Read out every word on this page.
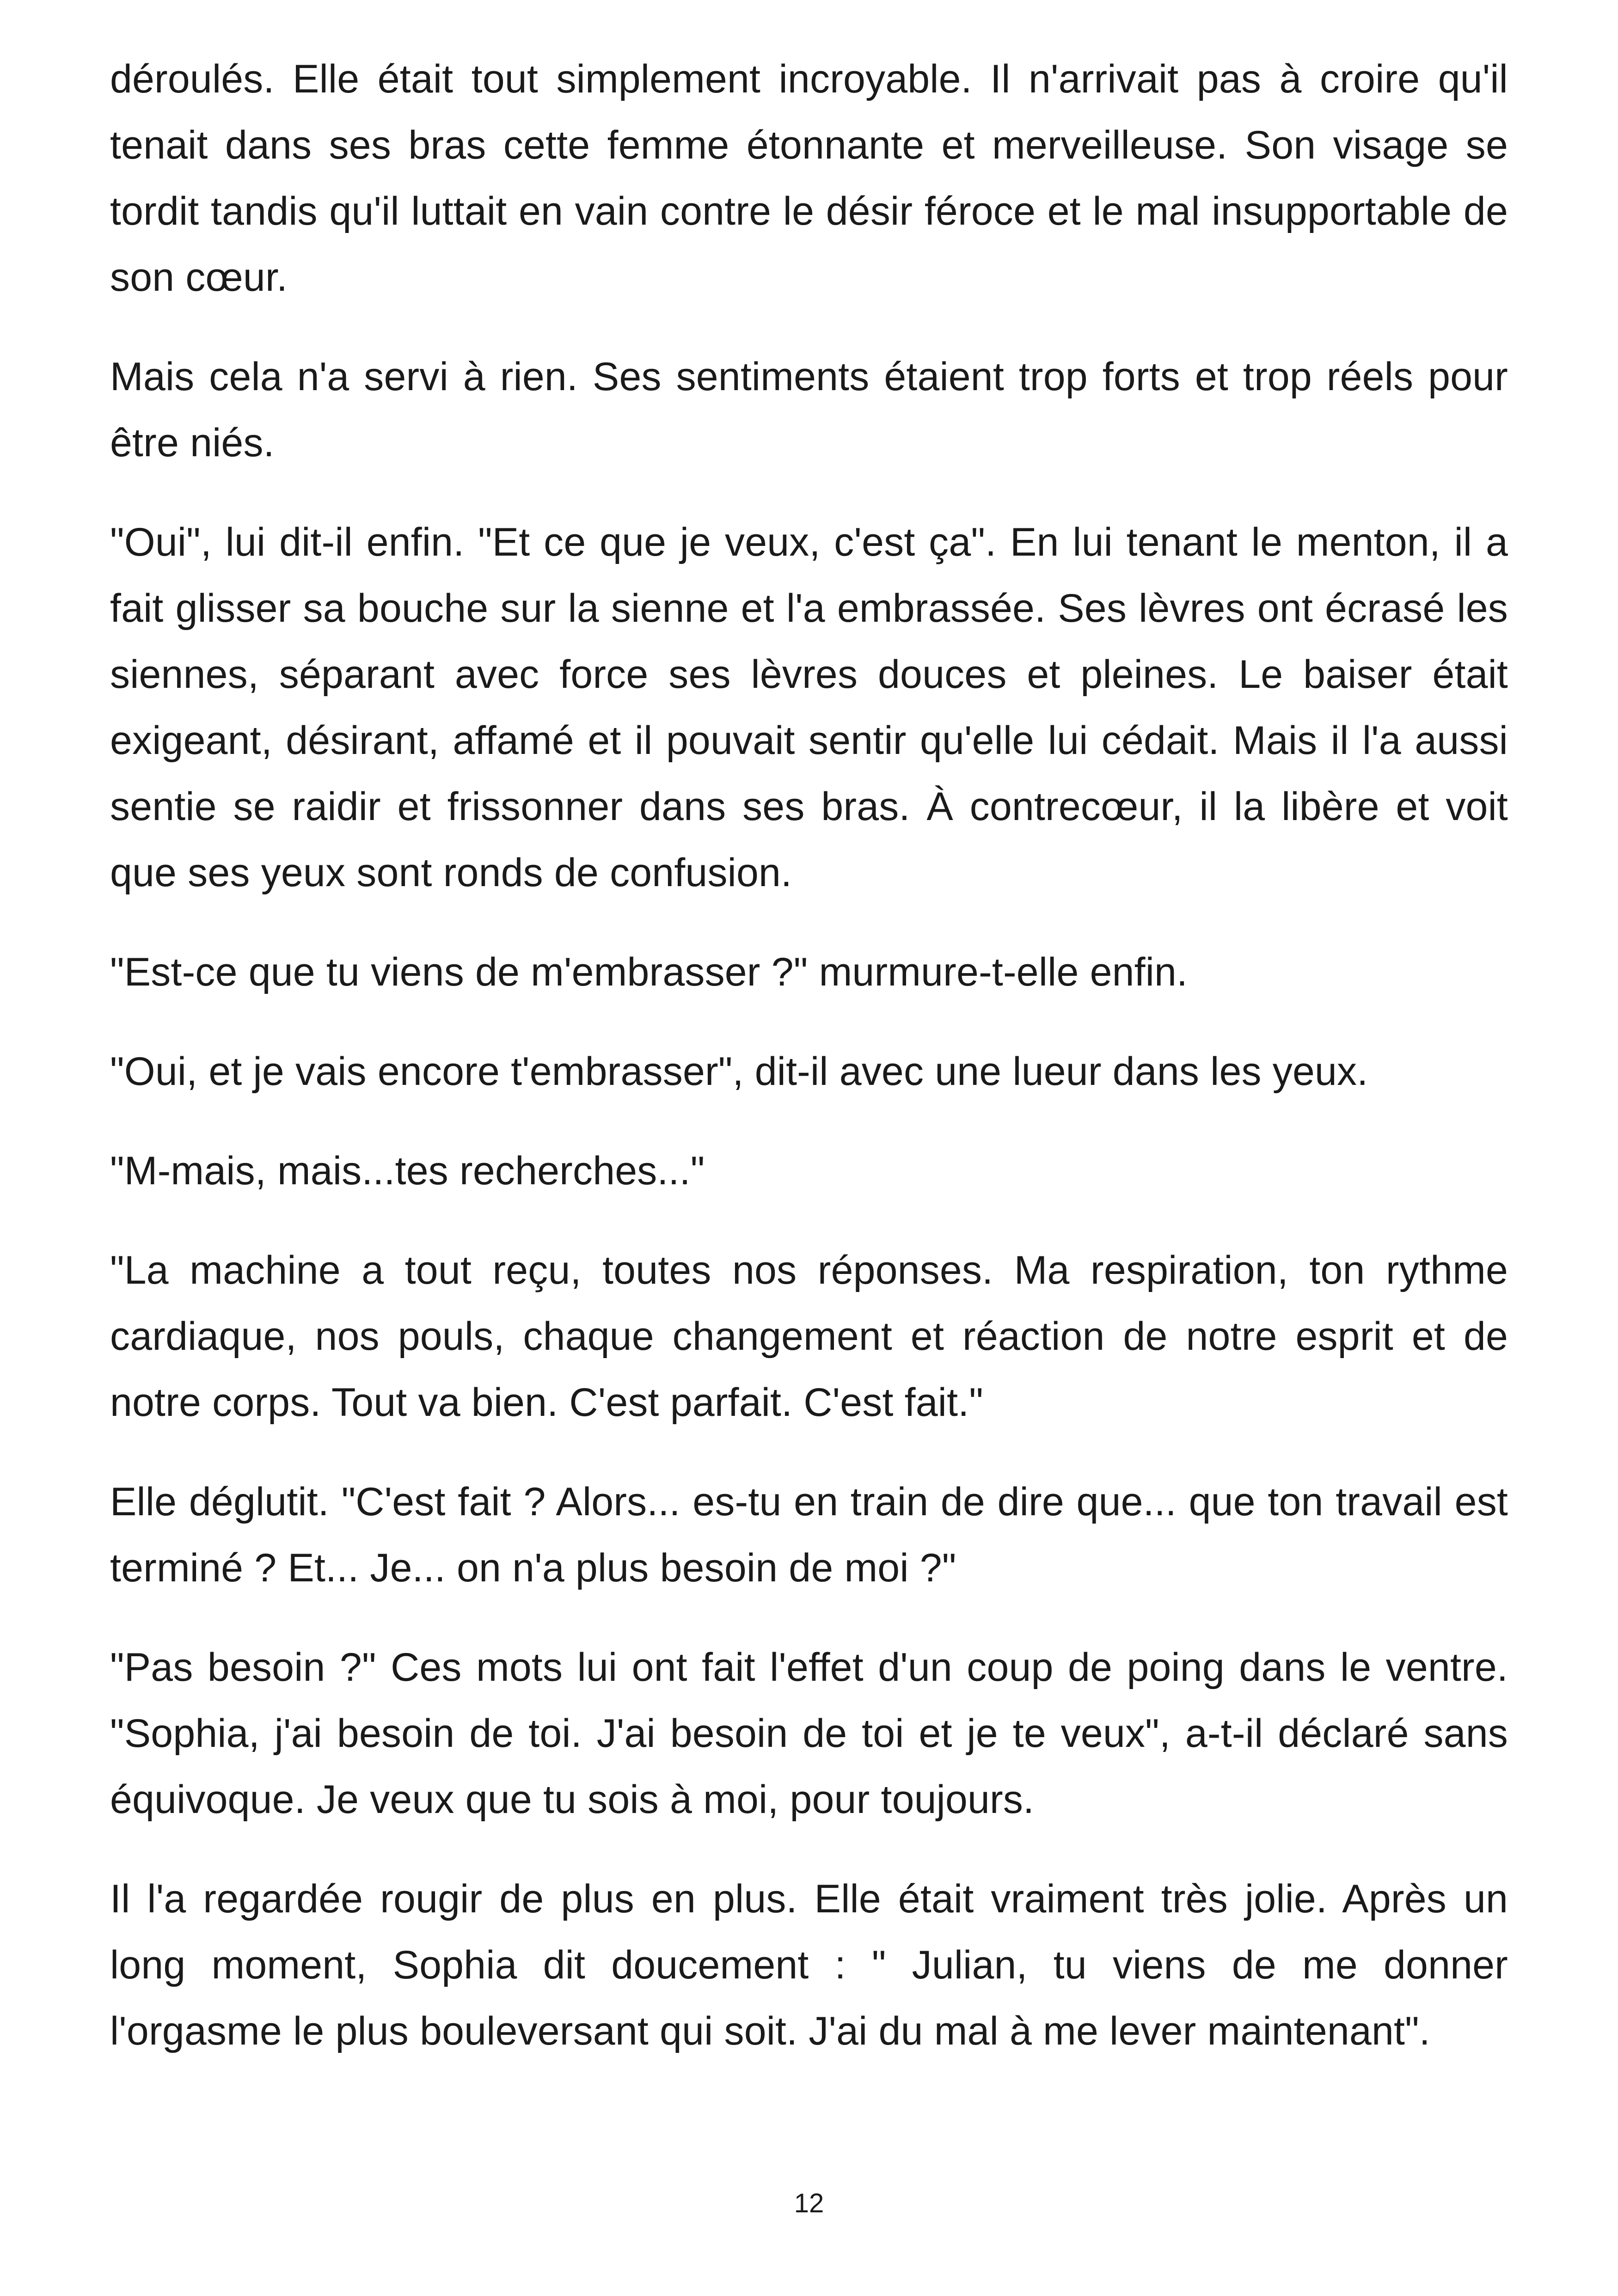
déroulés. Elle était tout simplement incroyable. Il n'arrivait pas à croire qu'il tenait dans ses bras cette femme étonnante et merveilleuse. Son visage se tordit tandis qu'il luttait en vain contre le désir féroce et le mal insupportable de son cœur.

Mais cela n'a servi à rien. Ses sentiments étaient trop forts et trop réels pour être niés.

"Oui", lui dit-il enfin. "Et ce que je veux, c'est ça". En lui tenant le menton, il a fait glisser sa bouche sur la sienne et l'a embrassée. Ses lèvres ont écrasé les siennes, séparant avec force ses lèvres douces et pleines. Le baiser était exigeant, désirant, affamé et il pouvait sentir qu'elle lui cédait. Mais il l'a aussi sentie se raidir et frissonner dans ses bras. À contrecœur, il la libère et voit que ses yeux sont ronds de confusion.

"Est-ce que tu viens de m'embrasser ?" murmure-t-elle enfin.

"Oui, et je vais encore t'embrasser", dit-il avec une lueur dans les yeux.

"M-mais, mais...tes recherches..."

"La machine a tout reçu, toutes nos réponses. Ma respiration, ton rythme cardiaque, nos pouls, chaque changement et réaction de notre esprit et de notre corps. Tout va bien. C'est parfait. C'est fait."

Elle déglutit. "C'est fait ? Alors... es-tu en train de dire que... que ton travail est terminé ? Et... Je... on n'a plus besoin de moi ?"

"Pas besoin ?" Ces mots lui ont fait l'effet d'un coup de poing dans le ventre. "Sophia, j'ai besoin de toi. J'ai besoin de toi et je te veux", a-t-il déclaré sans équivoque. Je veux que tu sois à moi, pour toujours.

Il l'a regardée rougir de plus en plus. Elle était vraiment très jolie. Après un long moment, Sophia dit doucement : " Julian, tu viens de me donner l'orgasme le plus bouleversant qui soit. J'ai du mal à me lever maintenant".

12
